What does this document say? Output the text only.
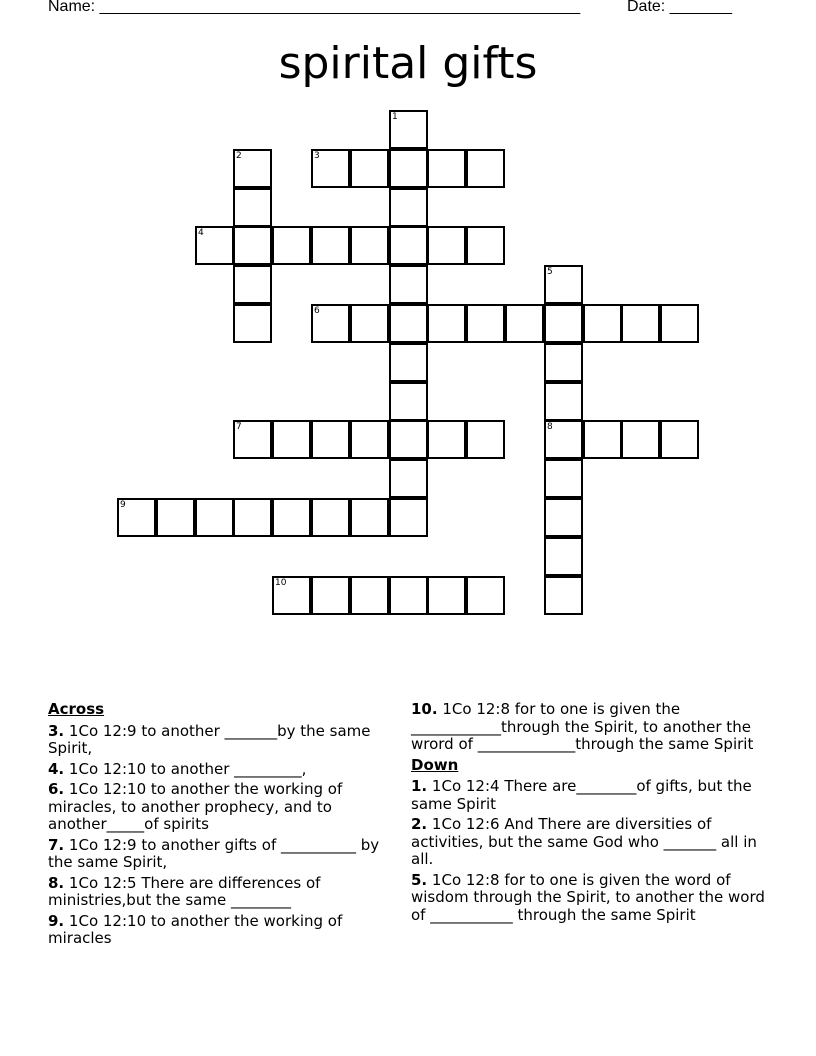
Name: ______________________________________________________	Date: _______
spirital gifts
1
2	3
4
5
6
7	8
9
10
Across
3. 1Co 12:9 to another _______by the same Spirit,
4. 1Co 12:10 to another _________,
6. 1Co 12:10 to another the working of miracles, to another prophecy, and to another_____of spirits
7. 1Co 12:9 to another gifts of __________ by the same Spirit,
8. 1Co 12:5 There are differences of ministries,but the same ________
9. 1Co 12:10 to another the working of miracles
10. 1Co 12:8 for to one is given the ____________through the Spirit, to another the wrord of _____________through the same Spirit
Down
1. 1Co 12:4 There are________of gifts, but the same Spirit
2. 1Co 12:6 And There are diversities of activities, but the same God who _______ all in all.
5. 1Co 12:8 for to one is given the word of wisdom through the Spirit, to another the word of ___________ through the same Spirit
